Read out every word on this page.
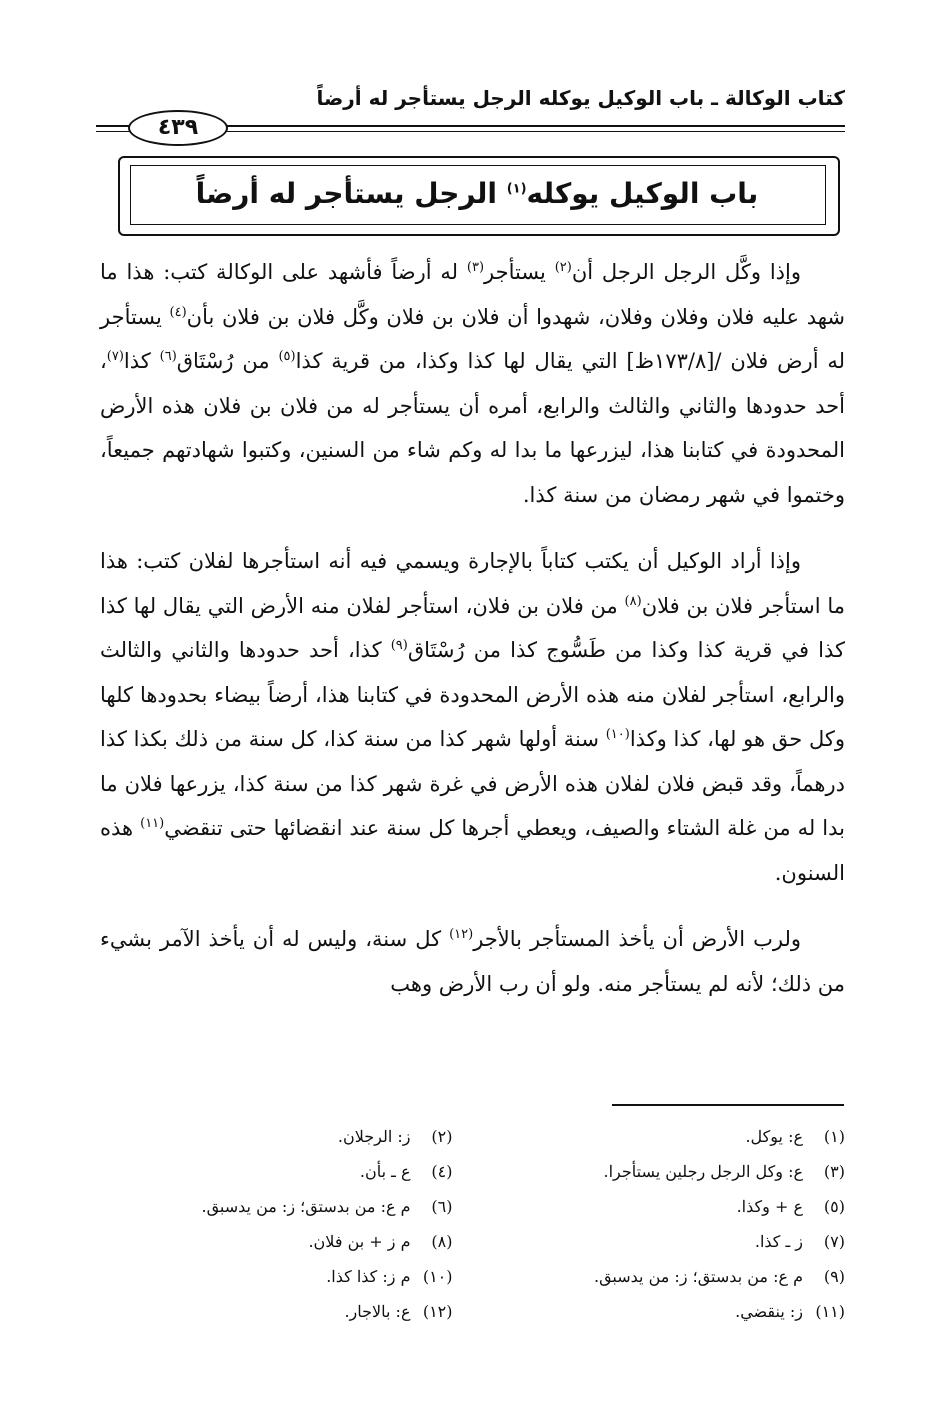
كتاب الوكالة ـ باب الوكيل يوكله الرجل يستأجر له أرضاً
٤٣٩
باب الوكيل يوكله$^{(١)}$ الرجل يستأجر له أرضاً

وإذا وكَّل الرجل الرجل أن$^{(٢)}$ يستأجر$^{(٣)}$ له أرضاً فأشهد على الوكالة كتب: هذا ما شهد عليه فلان وفلان وفلان، شهدوا أن فلان بن فلان وكَّل فلان بن فلان بأن$^{(٤)}$ يستأجر له أرض فلان /[١٧٣/٨ظ] التي يقال لها كذا وكذا، من قرية كذا$^{(٥)}$ من رُسْتَاق$^{(٦)}$ كذا$^{(٧)}$، أحد حدودها والثاني والثالث والرابع، أمره أن يستأجر له من فلان بن فلان هذه الأرض المحدودة في كتابنا هذا، ليزرعها ما بدا له وكم شاء من السنين، وكتبوا شهادتهم جميعاً، وختموا في شهر رمضان من سنة كذا.

وإذا أراد الوكيل أن يكتب كتاباً بالإجارة ويسمي فيه أنه استأجرها لفلان كتب: هذا ما استأجر فلان بن فلان$^{(٨)}$ من فلان بن فلان، استأجر لفلان منه الأرض التي يقال لها كذا كذا في قرية كذا وكذا من طَسُّوج كذا من رُسْتَاق$^{(٩)}$ كذا، أحد حدودها والثاني والثالث والرابع، استأجر لفلان منه هذه الأرض المحدودة في كتابنا هذا، أرضاً بيضاء بحدودها كلها وكل حق هو لها، كذا وكذا$^{(١٠)}$ سنة أولها شهر كذا من سنة كذا، كل سنة من ذلك بكذا كذا درهماً، وقد قبض فلان لفلان هذه الأرض في غرة شهر كذا من سنة كذا، يزرعها فلان ما بدا له من غلة الشتاء والصيف، ويعطي أجرها كل سنة عند انقضائها حتى تنقضي$^{(١١)}$ هذه السنون.

ولرب الأرض أن يأخذ المستأجر بالأجر$^{(١٢)}$ كل سنة، وليس له أن يأخذ الآمر بشيء من ذلك؛ لأنه لم يستأجر منه. ولو أن رب الأرض وهب

(١)ع: يوكل.
(٢)ز: الرجلان.
(٣)ع: وكل الرجل رجلين يستأجرا.
(٤)ع ـ بأن.
(٥)ع + وكذا.
(٦)م ع: من بدستق؛ ز: من يدسبق.
(٧)ز ـ كذا.
(٨)م ز + بن فلان.
(٩)م ع: من بدستق؛ ز: من يدسبق.
(١٠)م ز: كذا كذا.
(١١)ز: ينقضي.
(١٢)ع: بالاجار.
